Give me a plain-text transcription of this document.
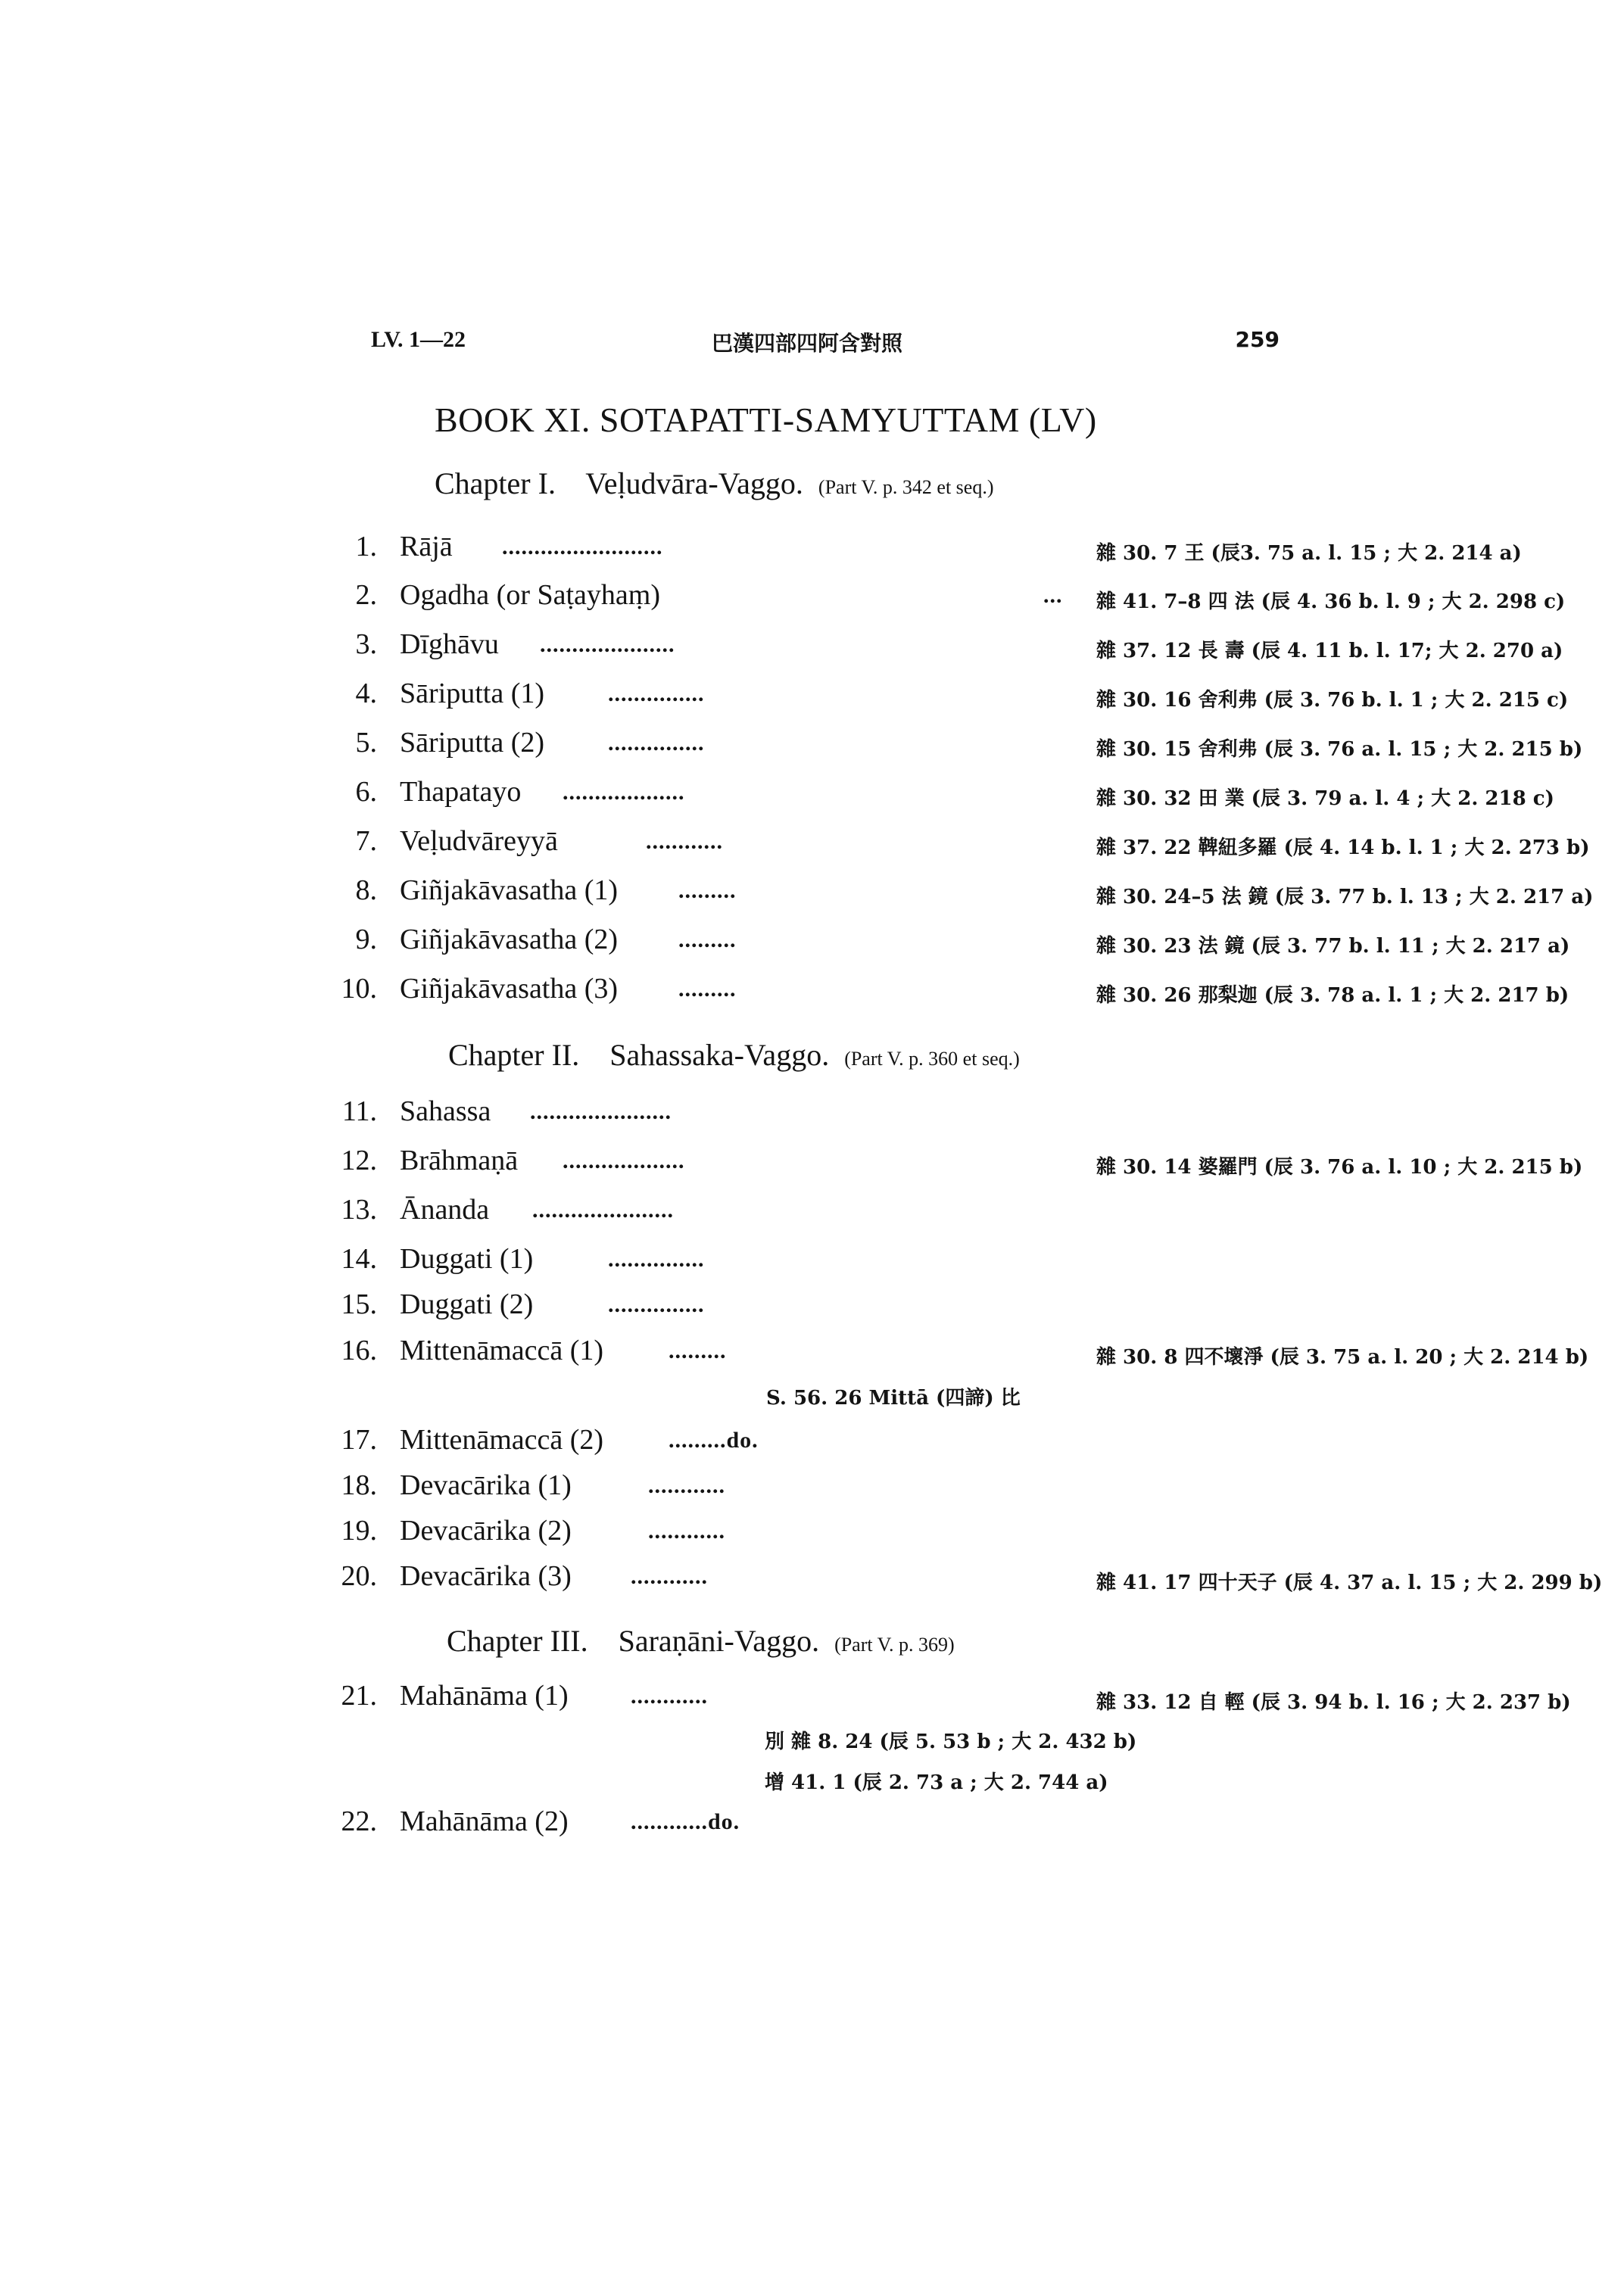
LV. 1—22	巴漢四部四阿含對照	259
BOOK XI. SOTAPATTI-SAMYUTTAM (LV)
Chapter I. Veḷudvāra-Vaggo. (Part V. p. 342 et seq.)
1. Rājā .........................	雜 30. 7 王 (辰3. 75 a. l. 15 ; 大 2. 214 a)
2. Ogadha (or Saṭayhaṃ)	... 雜 41. 7–8 四 法 (辰 4. 36 b. l. 9 ; 大 2. 298 c)
3. Dīghāvu .....................	雜 37. 12 長 壽 (辰 4. 11 b. l. 17; 大 2. 270 a)
4. Sāriputta (1)	...............	雜 30. 16 舍利弗 (辰 3. 76 b. l. 1 ; 大 2. 215 c)
5. Sāriputta (2)	...............	雜 30. 15 舍利弗 (辰 3. 76 a. l. 15 ; 大 2. 215 b)
6. Thapatayo ...................	雜 30. 32 田 業 (辰 3. 79 a. l. 4 ; 大 2. 218 c)
7. Veḷudvāreyyā	............	雜 37. 22 鞞紐多羅 (辰 4. 14 b. l. 1 ; 大 2. 273 b)
8. Giñjakāvasatha (1)	.........	雜 30. 24–5 法 鏡 (辰 3. 77 b. l. 13 ; 大 2. 217 a)
9. Giñjakāvasatha (2)	.........	雜 30. 23 法 鏡 (辰 3. 77 b. l. 11 ; 大 2. 217 a)
10. Giñjakāvasatha (3)	.........	雜 30. 26 那梨迦 (辰 3. 78 a. l. 1 ; 大 2. 217 b)
Chapter II. Sahassaka-Vaggo. (Part V. p. 360 et seq.)
11. Sahassa ......................
12. Brāhmaṇā ...................	雜 30. 14 婆羅門 (辰 3. 76 a. l. 10 ; 大 2. 215 b)
13. Ānanda ......................
14. Duggati (1)	...............
15. Duggati (2)	...............
16. Mittenāmaccā (1)	.........	雜 30. 8 四不壞淨 (辰 3. 75 a. l. 20 ; 大 2. 214 b)
S. 56. 26 Mittā (四諦) 比
17. Mittenāmaccā (2)	.........do.
18. Devacārika (1)	............
19. Devacārika (2)	............
20. Devacārika (3)	............	雜 41. 17 四十天子 (辰 4. 37 a. l. 15 ; 大 2. 299 b)
Chapter III. Saraṇāni-Vaggo. (Part V. p. 369)
21. Mahānāma (1)	............	雜 33. 12 自 輕 (辰 3. 94 b. l. 16 ; 大 2. 237 b)
別 雜 8. 24 (辰 5. 53 b ; 大 2. 432 b)
增 41. 1 (辰 2. 73 a ; 大 2. 744 a)
22. Mahānāma (2)	............do.
